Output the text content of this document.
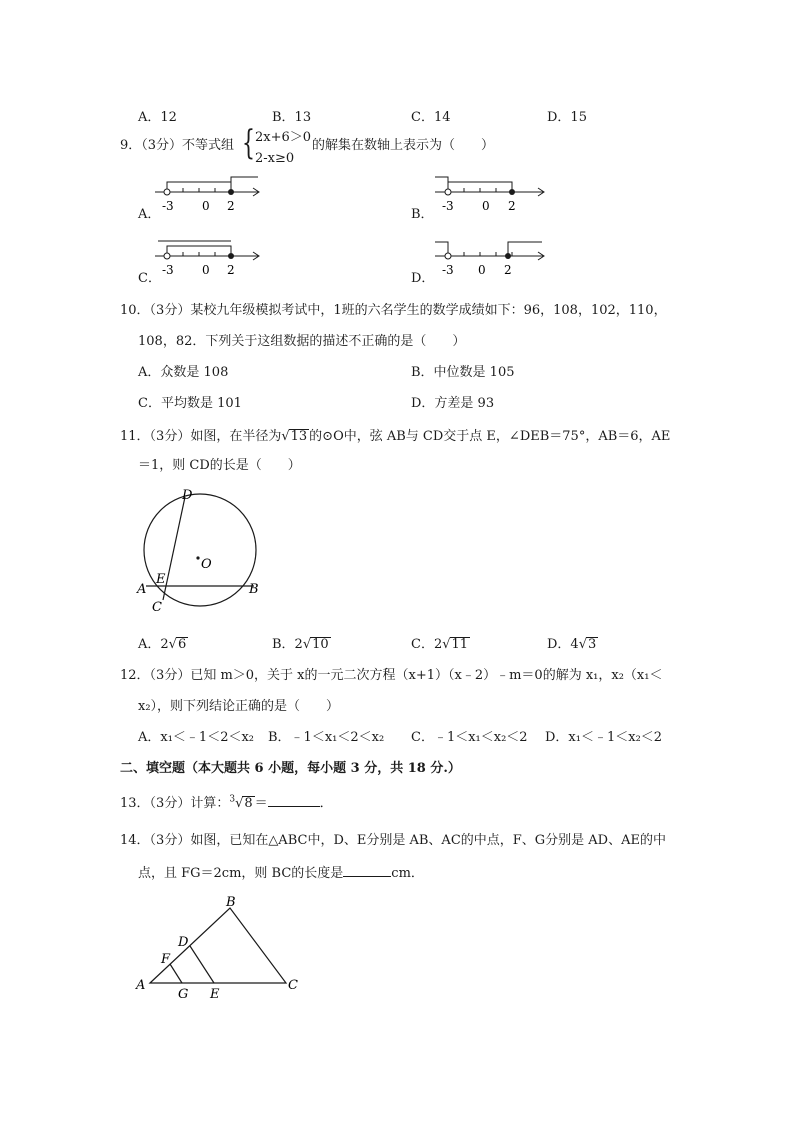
A．12	B．13	C．14	D．15
9．（3分）不等式组 { 2x+6＞0
2-x≥0
的解集在数轴上表示为（　　）
A．	B．
C．	D．
-3 0 2	-3 0 2
-3 0 2	-3 0 2
10．（3分）某校九年级模拟考试中，1班的六名学生的数学成绩如下：96，108，102，110，
108，82．下列关于这组数据的描述不正确的是（　　）
A．众数是 108	B．中位数是 105
C．平均数是 101	D．方差是 93
11．（3分）如图，在半径为√13 的⊙O中，弦 AB与 CD交于点 E，∠DEB＝75°，AB＝6，AE
＝1，则 CD的长是（　　）
D
O
E
A	B
C
A．2√6	B．2√10	C．2√11	D．4√3
12．（3分）已知 m＞0，关于 x的一元二次方程（x+1）（x﹣2）﹣m＝0的解为 x₁，x₂（x₁＜
x₂），则下列结论正确的是（　　）
A．x₁＜﹣1＜2＜x₂ B．﹣1＜x₁＜2＜x₂ C．﹣1＜x₁＜x₂＜2 D．x₁＜﹣1＜x₂＜2
二、填空题（本大题共 6 小题，每小题 3 分，共 18 分.）
13．（3分）计算：$^3$√8 ＝	．
14．（3分）如图，已知在△ABC中，D、E分别是 AB、AC的中点，F、G分别是 AD、AE的中
点，且 FG＝2cm，则 BC的长度是	cm．
B
D
F
A
G E
C
